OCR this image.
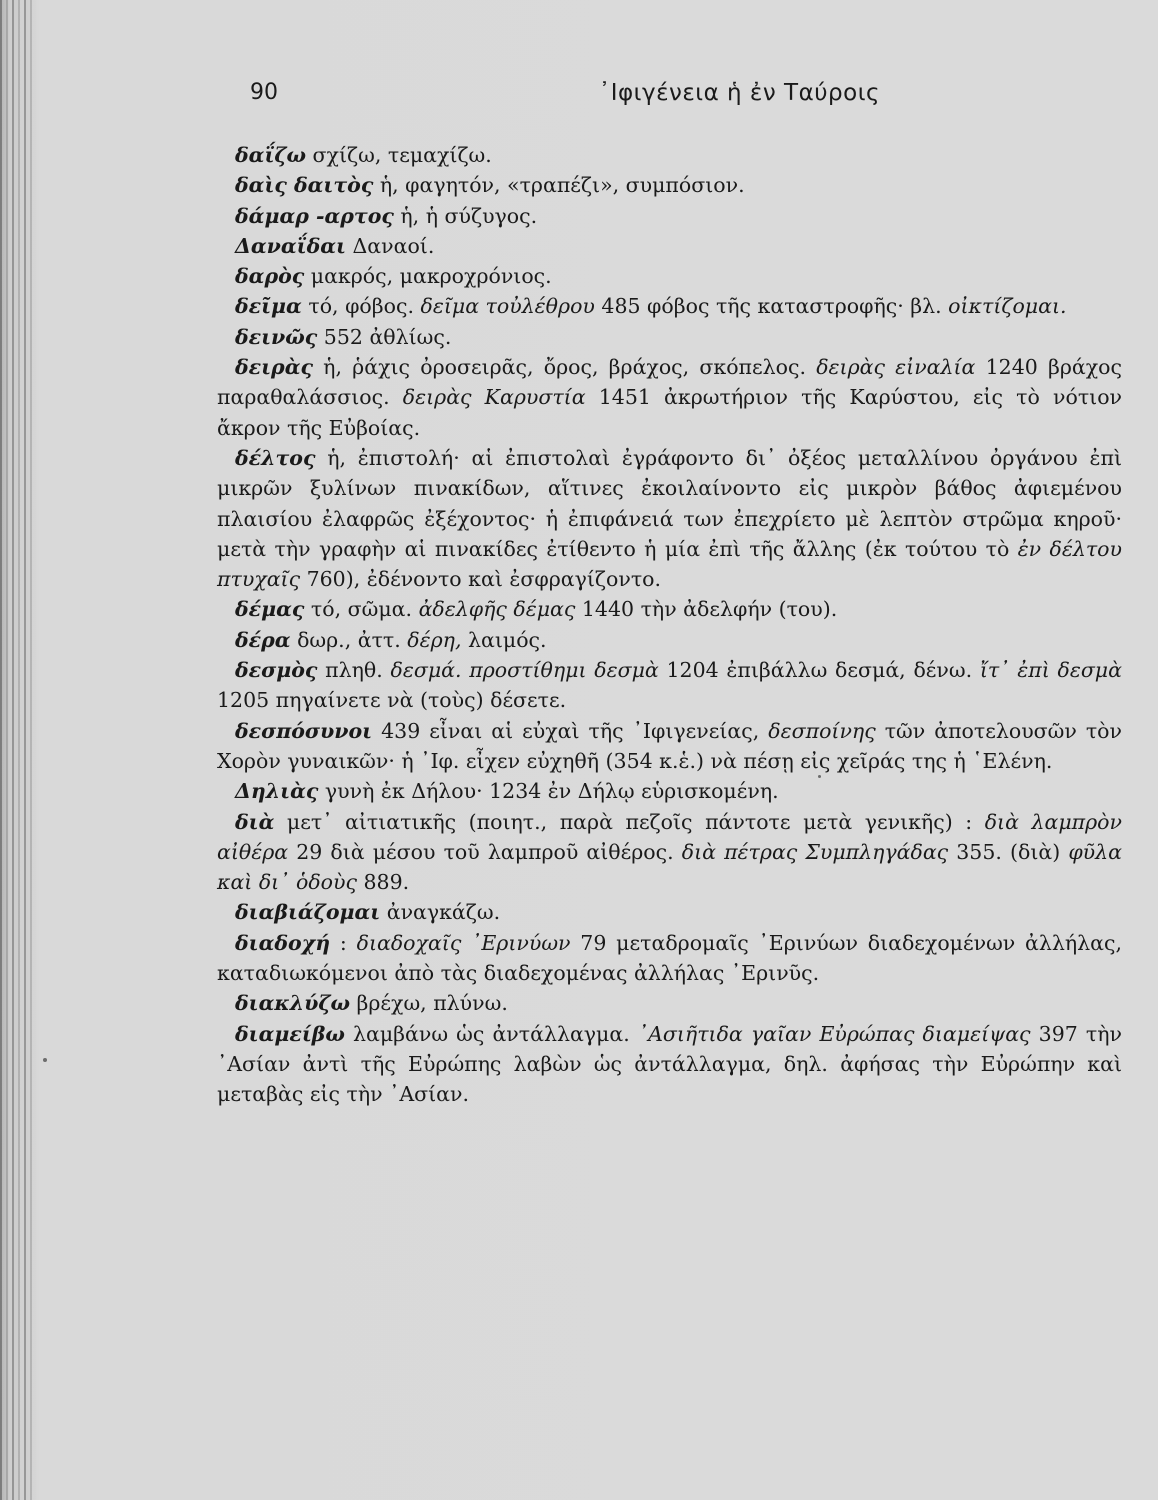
90	᾿Ιφιγένεια ἡ ἐν Ταύροις

δαΐζω σχίζω, τεμαχίζω.

δαὶς δαιτὸς ἡ, φαγητόν, «τραπέζι», συμπόσιον.

δάμαρ -αρτος ἡ, ἡ σύζυγος.

Δαναΐδαι Δαναοί.

δαρὸς μακρός, μακροχρόνιος.

δεῖμα τό, φόβος. δεῖμα τοὐλέθρου 485 φόβος τῆς καταστροφῆς· βλ. οἰκτίζομαι.

δεινῶς 552 ἀθλίως.

δειρὰς ἡ, ῥάχις ὀροσειρᾶς, ὄρος, βράχος, σκόπελος. δειρὰς εἰναλία 1240 βράχος παραθαλάσσιος. δειρὰς Καρυστία 1451 ἀκρωτήριον τῆς Καρύστου, εἰς τὸ νότιον ἄκρον τῆς Εὐβοίας.

δέλτος ἡ, ἐπιστολή· αἱ ἐπιστολαὶ ἐγράφοντο δι᾿ ὀξέος μεταλλίνου ὀργάνου ἐπὶ μικρῶν ξυλίνων πινακίδων, αἵτινες ἐκοιλαίνοντο εἰς μικρὸν βάθος ἀφιεμένου πλαισίου ἐλαφρῶς ἐξέχοντος· ἡ ἐπιφάνειά των ἐπεχρίετο μὲ λεπτὸν στρῶμα κηροῦ· μετὰ τὴν γραφὴν αἱ πινακίδες ἐτίθεντο ἡ μία ἐπὶ τῆς ἄλλης (ἐκ τούτου τὸ ἐν δέλτου πτυχαῖς 760), ἐδένοντο καὶ ἐσφραγίζοντο.

δέμας τό, σῶμα. ἀδελφῆς δέμας 1440 τὴν ἀδελφήν (του).

δέρα δωρ., ἀττ. δέρη, λαιμός.

δεσμὸς πληθ. δεσμά. προστίθημι δεσμὰ 1204 ἐπιβάλλω δεσμά, δένω. ἴτ᾿ ἐπὶ δεσμὰ 1205 πηγαίνετε νὰ (τοὺς) δέσετε.

δεσπόσυνοι 439 εἶναι αἱ εὐχαὶ τῆς ᾿Ιφιγενείας, δεσποίνης τῶν ἀποτελουσῶν τὸν Χορὸν γυναικῶν· ἡ ᾿Ιφ. εἶχεν εὐχηθῆ (354 κ.ἑ.) νὰ πέσῃ εἰς χεῖράς της ἡ ῾Ελένη.

Δηλιὰς γυνὴ ἐκ Δήλου· 1234 ἐν Δήλῳ εὑρισκομένη.

διὰ μετ᾿ αἰτιατικῆς (ποιητ., παρὰ πεζοῖς πάντοτε μετὰ γενικῆς) : διὰ λαμπρὸν αἰθέρα 29 διὰ μέσου τοῦ λαμπροῦ αἰθέρος. διὰ πέτρας Συμπληγάδας 355. (διὰ) φῦλα καὶ δι᾿ ὁδοὺς 889.

διαβιάζομαι ἀναγκάζω.

διαδοχή : διαδοχαῖς ᾿Ερινύων 79 μεταδρομαῖς ᾿Ερινύων διαδεχομένων ἀλλήλας, καταδιωκόμενοι ἀπὸ τὰς διαδεχομένας ἀλλήλας ᾿Ερινῦς.

διακλύζω βρέχω, πλύνω.

διαμείβω λαμβάνω ὡς ἀντάλλαγμα. ᾿Ασιῆτιδα γαῖαν Εὐρώπας διαμείψας 397 τὴν ᾿Ασίαν ἀντὶ τῆς Εὐρώπης λαβὼν ὡς ἀντάλλαγμα, δηλ. ἀφήσας τὴν Εὐρώπην καὶ μεταβὰς εἰς τὴν ᾿Ασίαν.
